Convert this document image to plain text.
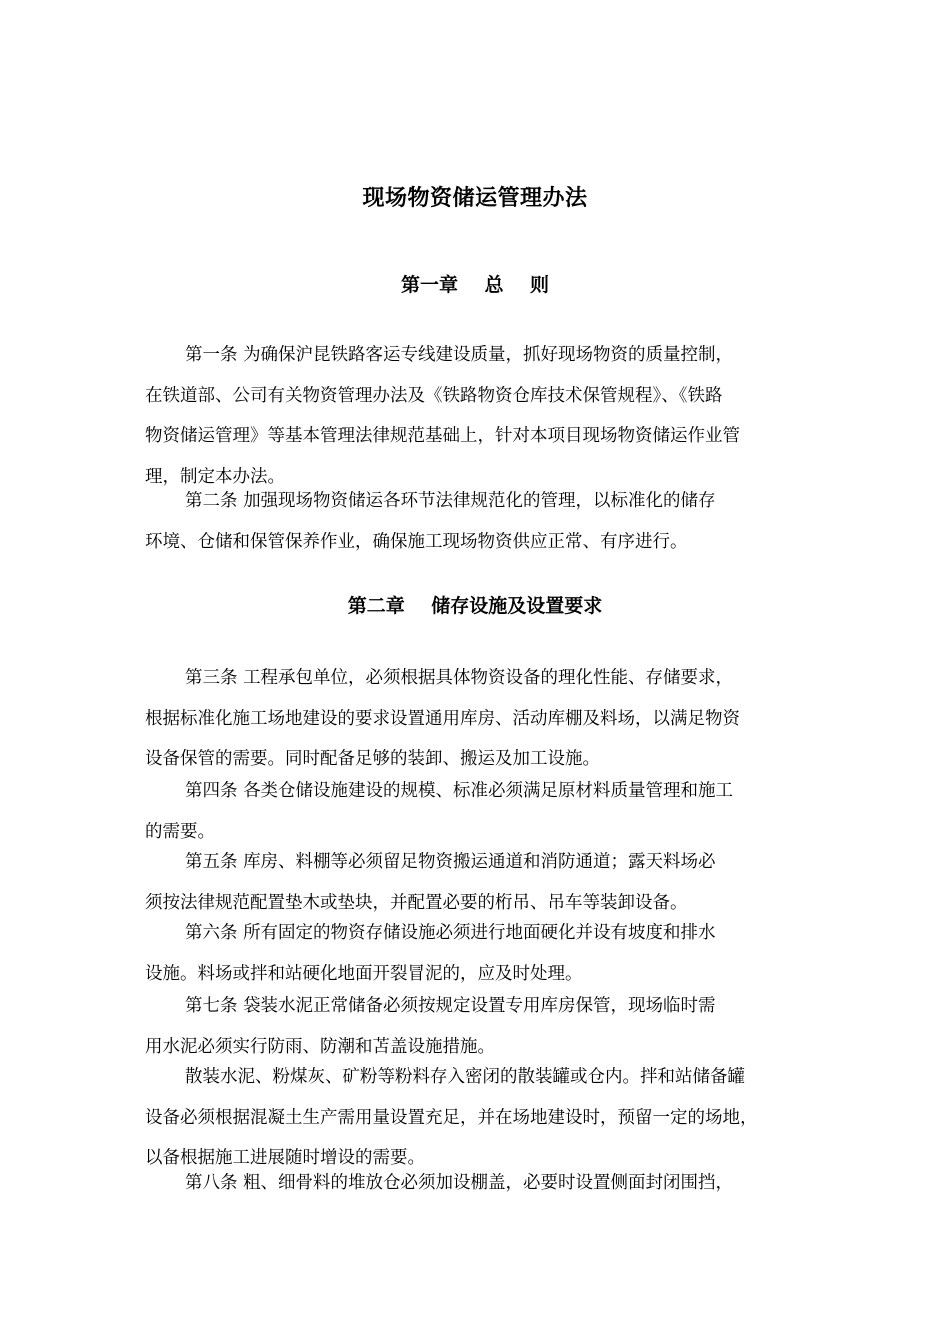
现场物资储运管理办法
第一章    总    则
第一条 为确保沪昆铁路客运专线建设质量，抓好现场物资的质量控制，
在铁道部、公司有关物资管理办法及《铁路物资仓库技术保管规程》、《铁路
物资储运管理》等基本管理法律规范基础上，针对本项目现场物资储运作业管
理，制定本办法。
第二条 加强现场物资储运各环节法律规范化的管理，以标准化的储存
环境、仓储和保管保养作业，确保施工现场物资供应正常、有序进行。
第二章    储存设施及设置要求
第三条 工程承包单位，必须根据具体物资设备的理化性能、存储要求，
根据标准化施工场地建设的要求设置通用库房、活动库棚及料场，以满足物资
设备保管的需要。同时配备足够的装卸、搬运及加工设施。
第四条 各类仓储设施建设的规模、标准必须满足原材料质量管理和施工
的需要。
第五条 库房、料棚等必须留足物资搬运通道和消防通道；露天料场必
须按法律规范配置垫木或垫块，并配置必要的桁吊、吊车等装卸设备。
第六条 所有固定的物资存储设施必须进行地面硬化并设有坡度和排水
设施。料场或拌和站硬化地面开裂冒泥的，应及时处理。
第七条 袋装水泥正常储备必须按规定设置专用库房保管，现场临时需
用水泥必须实行防雨、防潮和苫盖设施措施。
散装水泥、粉煤灰、矿粉等粉料存入密闭的散装罐或仓内。拌和站储备罐
设备必须根据混凝土生产需用量设置充足，并在场地建设时，预留一定的场地，
以备根据施工进展随时增设的需要。
第八条 粗、细骨料的堆放仓必须加设棚盖，必要时设置侧面封闭围挡，
